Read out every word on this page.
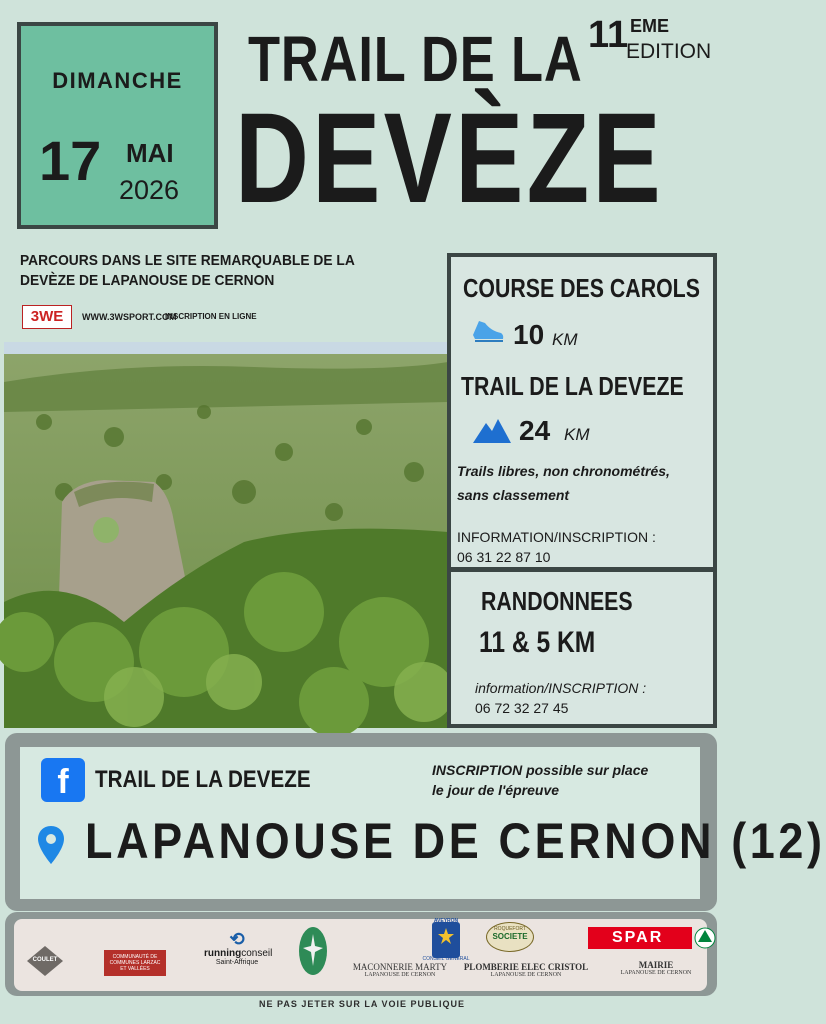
DIMANCHE
17 MAI
2026
TRAIL DE LA
DEVÈZE
11 EME
EDITION
PARCOURS DANS LE SITE REMARQUABLE DE LA DEVÈZE DE LAPANOUSE DE CERNON
3WE	WWW.3WSPORT.COM
INSCRIPTION EN LIGNE
COURSE DES CAROLS
10 KM
TRAIL DE LA DEVEZE
24 KM
Trails libres, non chronométrés,
sans classement
INFORMATION/INSCRIPTION :
06 31 22 87 10
RANDONNEES
11 & 5 KM
information/INSCRIPTION :
06 72 32 27 45
f	TRAIL DE LA DEVEZE	INSCRIPTION possible sur place
le jour de l'épreuve
LAPANOUSE DE CERNON (12)
COULET	COMMUNAUTÉ DE COMMUNES LARZAC ET VALLÉES
⟲
runningconseil
Saint-Affrique
AVEYRON
CONSEIL GÉNÉRAL
ROQUEFORT
SOCIETE
MACONNERIE MARTY
LAPANOUSE DE CERNON
PLOMBERIE ELEC CRISTOL
LAPANOUSE DE CERNON
SPAR
MAIRIE
LAPANOUSE DE CERNON
NE PAS JETER SUR LA VOIE PUBLIQUE
